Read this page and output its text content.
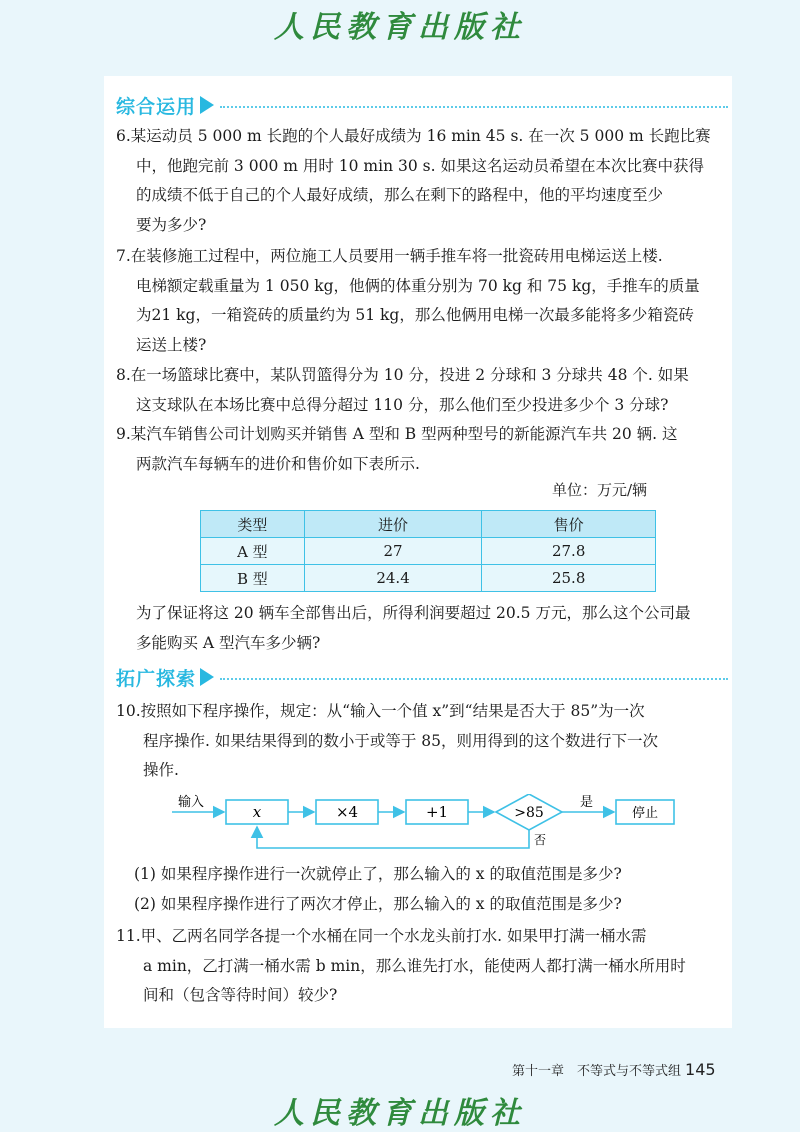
人民教育出版社
综合运用
6.某运动员 5 000 m 长跑的个人最好成绩为 16 min 45 s. 在一次 5 000 m 长跑比赛
中，他跑完前 3 000 m 用时 10 min 30 s. 如果这名运动员希望在本次比赛中获得
的成绩不低于自己的个人最好成绩，那么在剩下的路程中，他的平均速度至少
要为多少?
7.在装修施工过程中，两位施工人员要用一辆手推车将一批瓷砖用电梯运送上楼.
电梯额定载重量为 1 050 kg，他俩的体重分别为 70 kg 和 75 kg，手推车的质量
为21 kg，一箱瓷砖的质量约为 51 kg，那么他俩用电梯一次最多能将多少箱瓷砖
运送上楼?
8.在一场篮球比赛中，某队罚篮得分为 10 分，投进 2 分球和 3 分球共 48 个. 如果
这支球队在本场比赛中总得分超过 110 分，那么他们至少投进多少个 3 分球?
9.某汽车销售公司计划购买并销售 A 型和 B 型两种型号的新能源汽车共 20 辆. 这
两款汽车每辆车的进价和售价如下表所示.
单位：万元/辆
类型	进价	售价
A 型	27	27.8
B 型	24.4	25.8
为了保证将这 20 辆车全部售出后，所得利润要超过 20.5 万元，那么这个公司最
多能购买 A 型汽车多少辆?
拓广探索
10.按照如下程序操作，规定：从“输入一个值 x”到“结果是否大于 85”为一次
程序操作. 如果结果得到的数小于或等于 85，则用得到的这个数进行下一次
操作.
输入
x	×4	+1	>85
是
停止
否
(1) 如果程序操作进行一次就停止了，那么输入的 x 的取值范围是多少?
(2) 如果程序操作进行了两次才停止，那么输入的 x 的取值范围是多少?
11.甲、乙两名同学各提一个水桶在同一个水龙头前打水. 如果甲打满一桶水需
a min，乙打满一桶水需 b min，那么谁先打水，能使两人都打满一桶水所用时
间和（包含等待时间）较少?
第十一章　不等式与不等式组 145
人民教育出版社
